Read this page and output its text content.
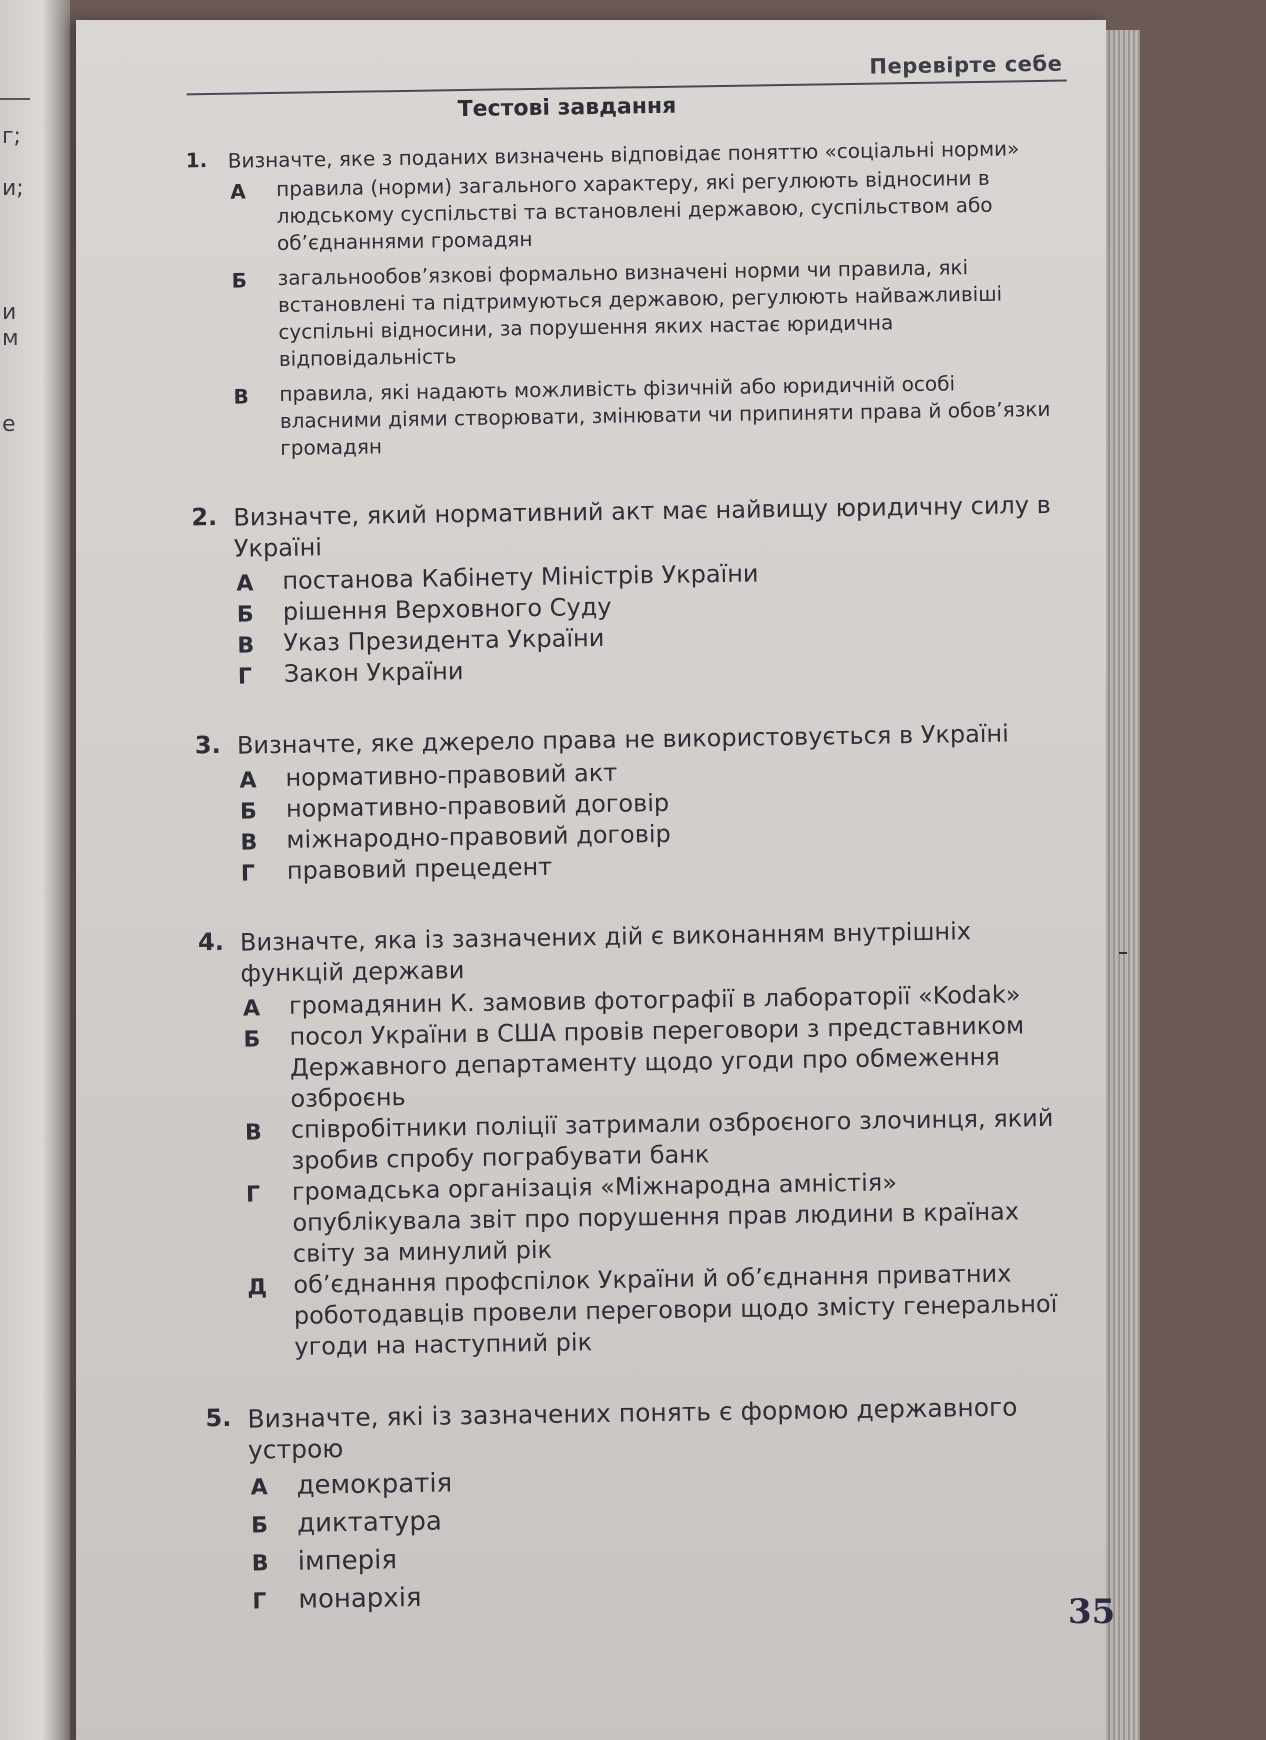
г;
и;
и
м
е
Перевірте себе
Тестові завдання
1. Визначте, яке з поданих визначень відповідає поняттю «соціальні норми»
А правила (норми) загального характеру, які регулюють відносини в людському суспільстві та встановлені державою, суспільством або об’єднаннями громадян
Б загальнообов’язкові формально визначені норми чи правила, які встановлені та підтримуються державою, регулюють найважливіші суспільні відносини, за порушення яких настає юридична відповідальність
В правила, які надають можливість фізичній або юридичній особі власними діями створювати, змінювати чи припиняти права й обов’язки громадян
2. Визначте, який нормативний акт має найвищу юридичну силу в Україні
А постанова Кабінету Міністрів України
Б рішення Верховного Суду
В Указ Президента України
Г Закон України
3. Визначте, яке джерело права не використовується в Україні
А нормативно-правовий акт
Б нормативно-правовий договір
В міжнародно-правовий договір
Г правовий прецедент
4. Визначте, яка із зазначених дій є виконанням внутрішніх функцій держави
А громадянин К. замовив фотографії в лабораторії «Kodak»
Б посол України в США провів переговори з представником Державного департаменту щодо угоди про обмеження озброєнь
В співробітники поліції затримали озброєного злочинця, який зробив спробу пограбувати банк
Г громадська організація «Міжнародна амністія» опублікувала звіт про порушення прав людини в країнах світу за минулий рік
Д об’єднання профспілок України й об’єднання приватних роботодавців провели переговори щодо змісту генеральної угоди на наступний рік
5. Визначте, які із зазначених понять є формою державного устрою
А демократія
Б диктатура
В імперія
Г монархія	35
